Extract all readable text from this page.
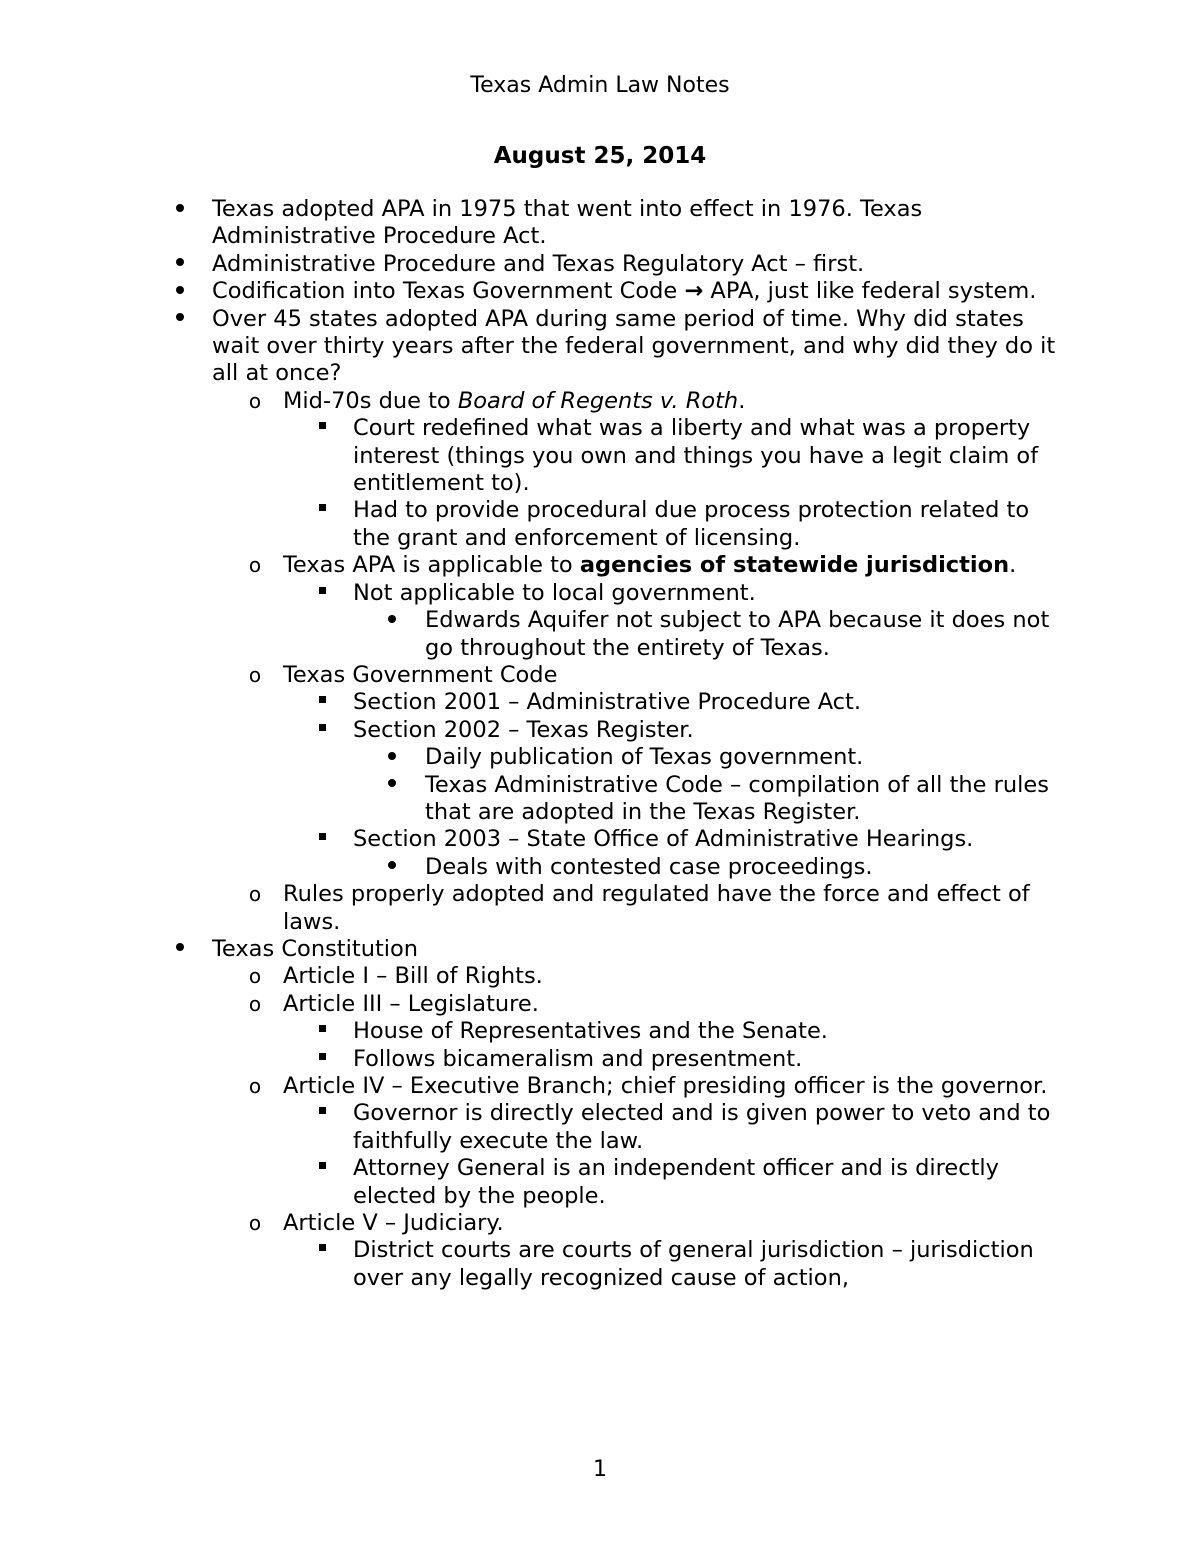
Texas Admin Law Notes
August 25, 2014
Texas adopted APA in 1975 that went into effect in 1976. Texas Administrative Procedure Act.
Administrative Procedure and Texas Regulatory Act – first.
Codification into Texas Government Code → APA, just like federal system.
Over 45 states adopted APA during same period of time. Why did states wait over thirty years after the federal government, and why did they do it all at once?
o Mid-70s due to Board of Regents v. Roth.
Court redefined what was a liberty and what was a property interest (things you own and things you have a legit claim of entitlement to).
Had to provide procedural due process protection related to the grant and enforcement of licensing.
o Texas APA is applicable to agencies of statewide jurisdiction.
Not applicable to local government.
Edwards Aquifer not subject to APA because it does not go throughout the entirety of Texas.
o Texas Government Code
Section 2001 – Administrative Procedure Act.
Section 2002 – Texas Register.
Daily publication of Texas government.
Texas Administrative Code – compilation of all the rules that are adopted in the Texas Register.
Section 2003 – State Office of Administrative Hearings.
Deals with contested case proceedings.
o Rules properly adopted and regulated have the force and effect of laws.
Texas Constitution
o Article I – Bill of Rights.
o Article III – Legislature.
House of Representatives and the Senate.
Follows bicameralism and presentment.
o Article IV – Executive Branch; chief presiding officer is the governor.
Governor is directly elected and is given power to veto and to faithfully execute the law.
Attorney General is an independent officer and is directly elected by the people.
o Article V – Judiciary.
District courts are courts of general jurisdiction – jurisdiction over any legally recognized cause of action,
1
